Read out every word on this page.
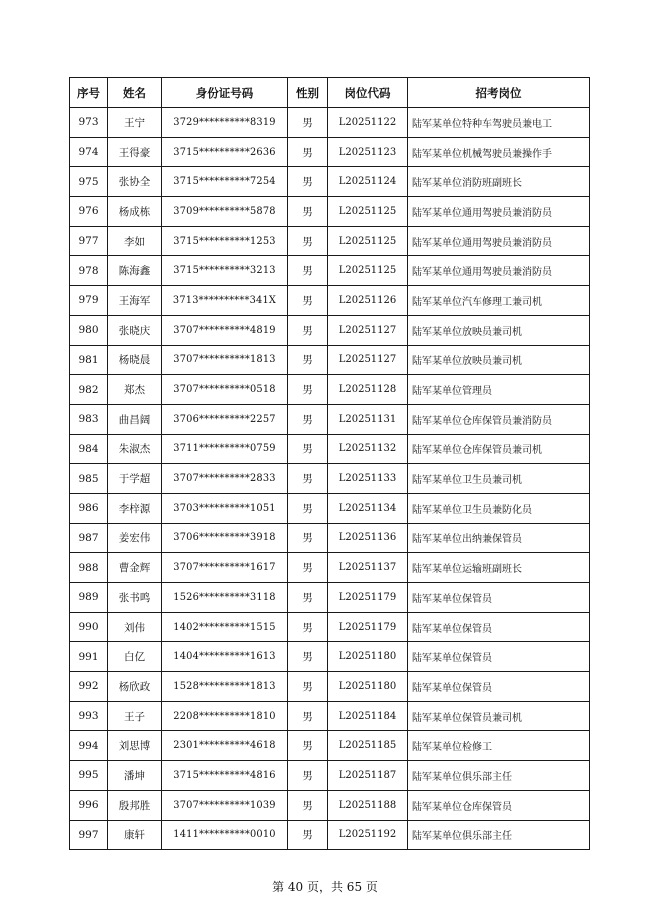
序号	姓名	身份证号码	性别	岗位代码	招考岗位
973	王宁	3729**********8319	男	L20251122	陆军某单位特种车驾驶员兼电工
974	王得豪	3715**********2636	男	L20251123	陆军某单位机械驾驶员兼操作手
975	张协全	3715**********7254	男	L20251124	陆军某单位消防班副班长
976	杨成栋	3709**********5878	男	L20251125	陆军某单位通用驾驶员兼消防员
977	李如	3715**********1253	男	L20251125	陆军某单位通用驾驶员兼消防员
978	陈海鑫	3715**********3213	男	L20251125	陆军某单位通用驾驶员兼消防员
979	王海军	3713**********341X	男	L20251126	陆军某单位汽车修理工兼司机
980	张晓庆	3707**********4819	男	L20251127	陆军某单位放映员兼司机
981	杨晓晨	3707**********1813	男	L20251127	陆军某单位放映员兼司机
982	郑杰	3707**********0518	男	L20251128	陆军某单位管理员
983	曲昌阔	3706**********2257	男	L20251131	陆军某单位仓库保管员兼消防员
984	朱淑杰	3711**********0759	男	L20251132	陆军某单位仓库保管员兼司机
985	于学超	3707**********2833	男	L20251133	陆军某单位卫生员兼司机
986	李梓源	3703**********1051	男	L20251134	陆军某单位卫生员兼防化员
987	姜宏伟	3706**********3918	男	L20251136	陆军某单位出纳兼保管员
988	曹金辉	3707**********1617	男	L20251137	陆军某单位运输班副班长
989	张书鸣	1526**********3118	男	L20251179	陆军某单位保管员
990	刘伟	1402**********1515	男	L20251179	陆军某单位保管员
991	白亿	1404**********1613	男	L20251180	陆军某单位保管员
992	杨欣政	1528**********1813	男	L20251180	陆军某单位保管员
993	王子	2208**********1810	男	L20251184	陆军某单位保管员兼司机
994	刘思博	2301**********4618	男	L20251185	陆军某单位检修工
995	潘坤	3715**********4816	男	L20251187	陆军某单位俱乐部主任
996	殷邦胜	3707**********1039	男	L20251188	陆军某单位仓库保管员
997	康轩	1411**********0010	男	L20251192	陆军某单位俱乐部主任
第 40 页，共 65 页
